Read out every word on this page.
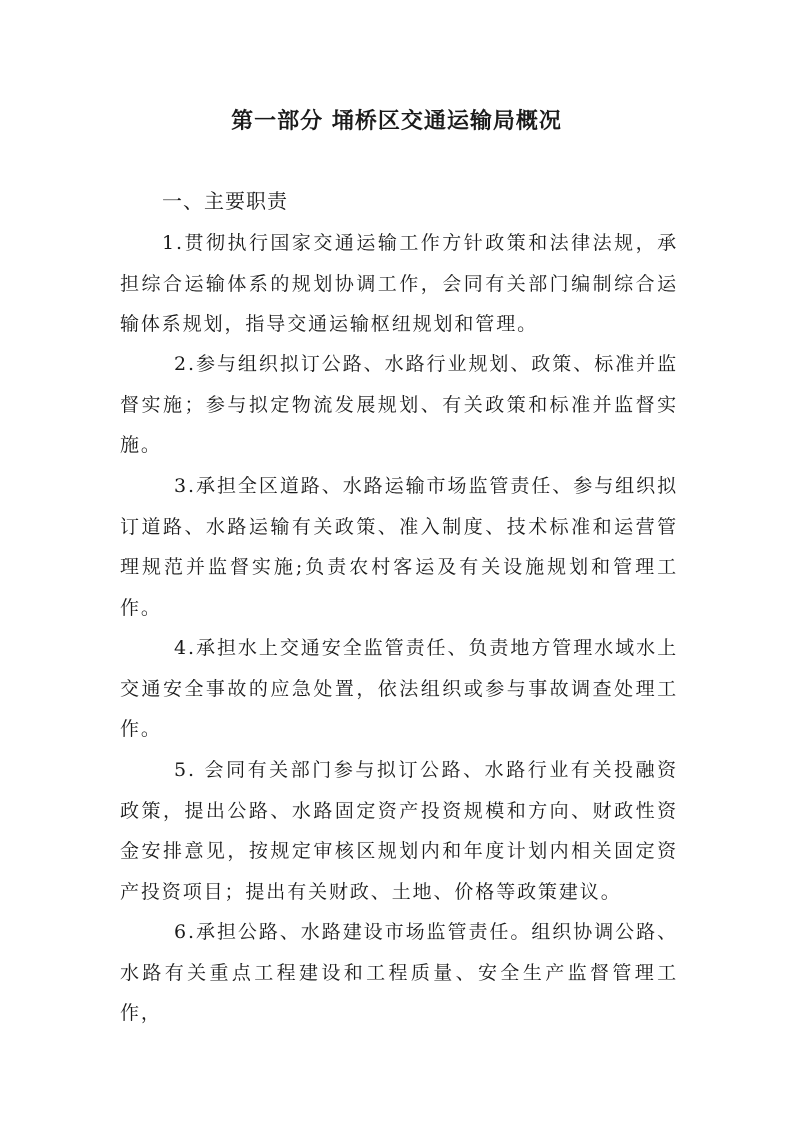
第一部分 埇桥区交通运输局概况
一、主要职责

1.贯彻执行国家交通运输工作方针政策和法律法规，承担综合运输体系的规划协调工作，会同有关部门编制综合运输体系规划，指导交通运输枢纽规划和管理。

2.参与组织拟订公路、水路行业规划、政策、标准并监督实施；参与拟定物流发展规划、有关政策和标准并监督实施。

3.承担全区道路、水路运输市场监管责任、参与组织拟订道路、水路运输有关政策、准入制度、技术标准和运营管理规范并监督实施;负责农村客运及有关设施规划和管理工作。

4.承担水上交通安全监管责任、负责地方管理水域水上交通安全事故的应急处置，依法组织或参与事故调查处理工作。

5. 会同有关部门参与拟订公路、水路行业有关投融资政策，提出公路、水路固定资产投资规模和方向、财政性资金安排意见，按规定审核区规划内和年度计划内相关固定资产投资项目；提出有关财政、土地、价格等政策建议。

6.承担公路、水路建设市场监管责任。组织协调公路、水路有关重点工程建设和工程质量、安全生产监督管理工作，
